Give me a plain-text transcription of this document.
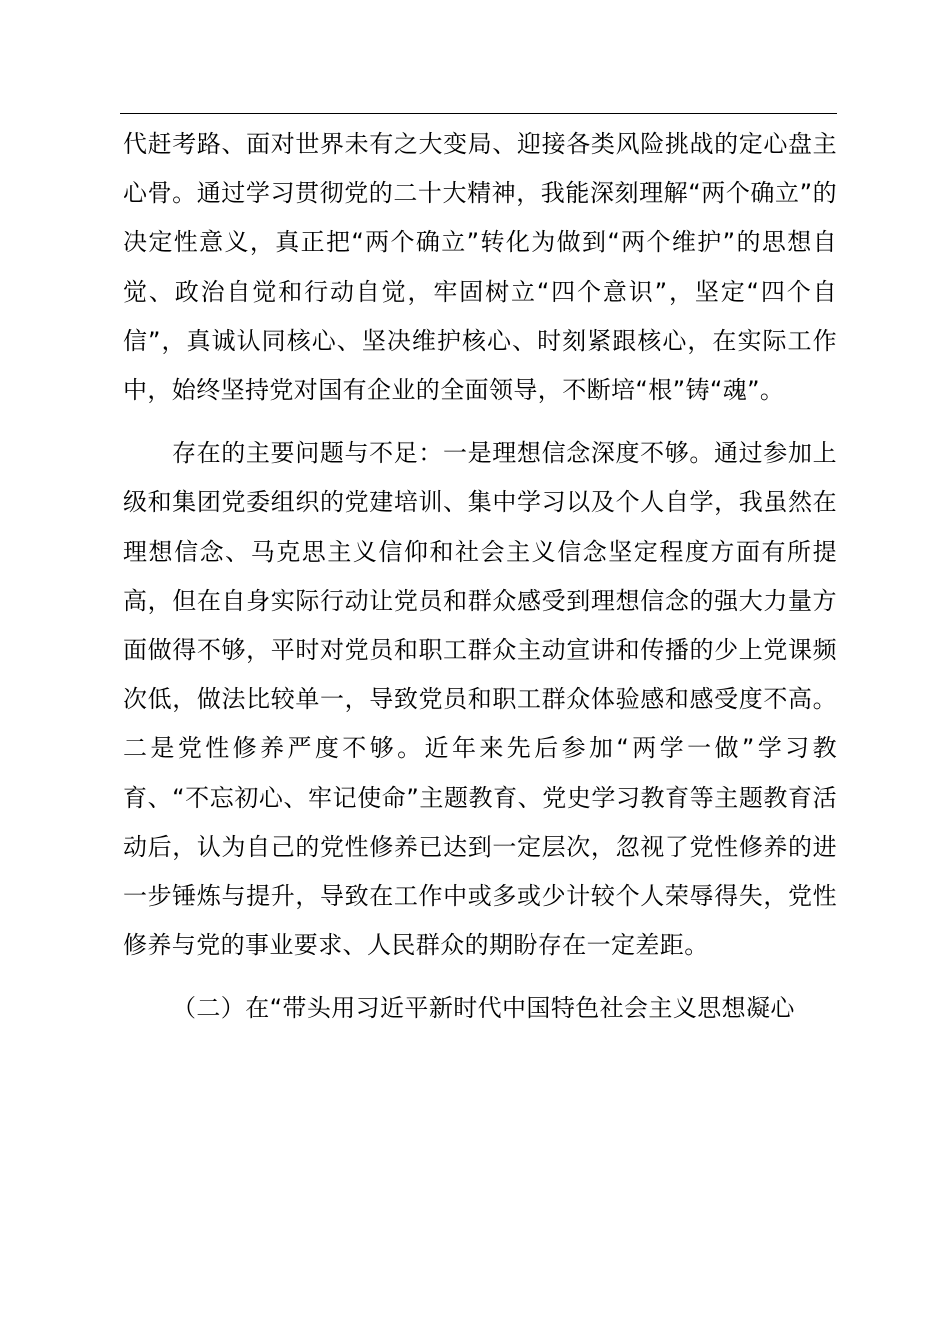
代赶考路、面对世界未有之大变局、迎接各类风险挑战的定心盘主心骨。通过学习贯彻党的二十大精神，我能深刻理解“两个确立”的决定性意义，真正把“两个确立”转化为做到“两个维护”的思想自觉、政治自觉和行动自觉，牢固树立“四个意识”，坚定“四个自信”，真诚认同核心、坚决维护核心、时刻紧跟核心，在实际工作中，始终坚持党对国有企业的全面领导，不断培“根”铸“魂”。

存在的主要问题与不足：一是理想信念深度不够。通过参加上级和集团党委组织的党建培训、集中学习以及个人自学，我虽然在理想信念、马克思主义信仰和社会主义信念坚定程度方面有所提高，但在自身实际行动让党员和群众感受到理想信念的强大力量方面做得不够，平时对党员和职工群众主动宣讲和传播的少上党课频次低，做法比较单一，导致党员和职工群众体验感和感受度不高。二是党性修养严度不够。近年来先后参加“两学一做”学习教育、“不忘初心、牢记使命”主题教育、党史学习教育等主题教育活动后，认为自己的党性修养已达到一定层次，忽视了党性修养的进一步锤炼与提升，导致在工作中或多或少计较个人荣辱得失，党性修养与党的事业要求、人民群众的期盼存在一定差距。

（二）在“带头用习近平新时代中国特色社会主义思想凝心
